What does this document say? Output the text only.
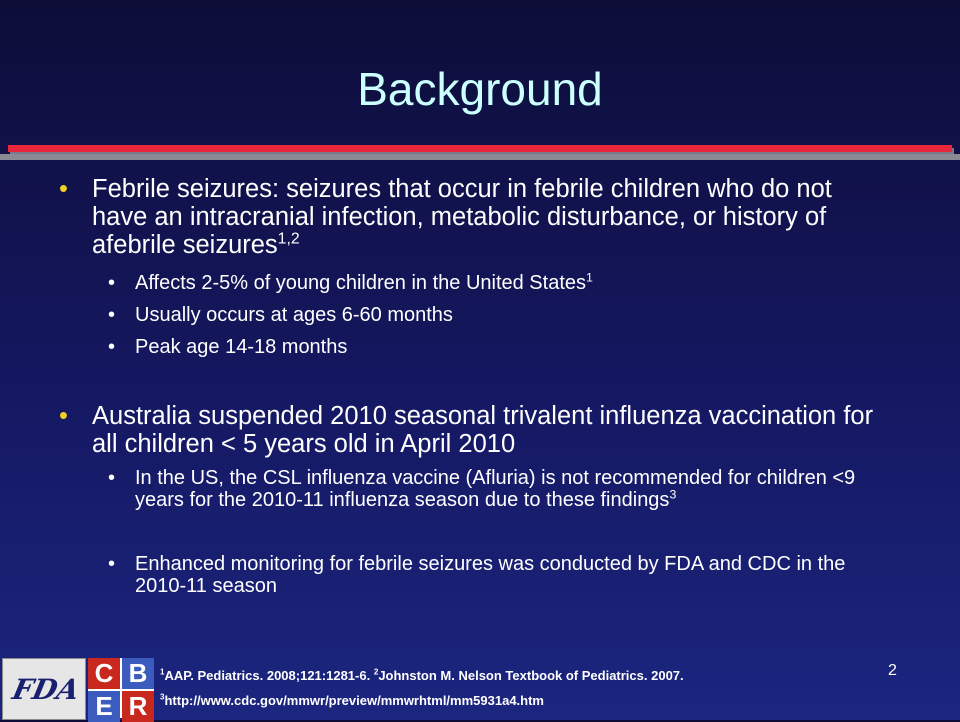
Background
• Febrile seizures: seizures that occur in febrile children who do not have an intracranial infection, metabolic disturbance, or history of afebrile seizures$^{1,2}$
• Affects 2-5% of young children in the United States$^1$
• Usually occurs at ages 6-60 months
• Peak age 14-18 months
• Australia suspended 2010 seasonal trivalent influenza vaccination for all children < 5 years old in April 2010
• In the US, the CSL influenza vaccine (Afluria) is not recommended for children <9 years for the 2010-11 influenza season due to these findings$^3$
• Enhanced monitoring for febrile seizures was conducted by FDA and CDC in the 2010-11 season
FDA C B
E R
$^1$AAP. Pediatrics. 2008;121:1281-6. $^2$Johnston M. Nelson Textbook of Pediatrics. 2007.
$^3$http://www.cdc.gov/mmwr/preview/mmwrhtml/mm5931a4.htm
2
